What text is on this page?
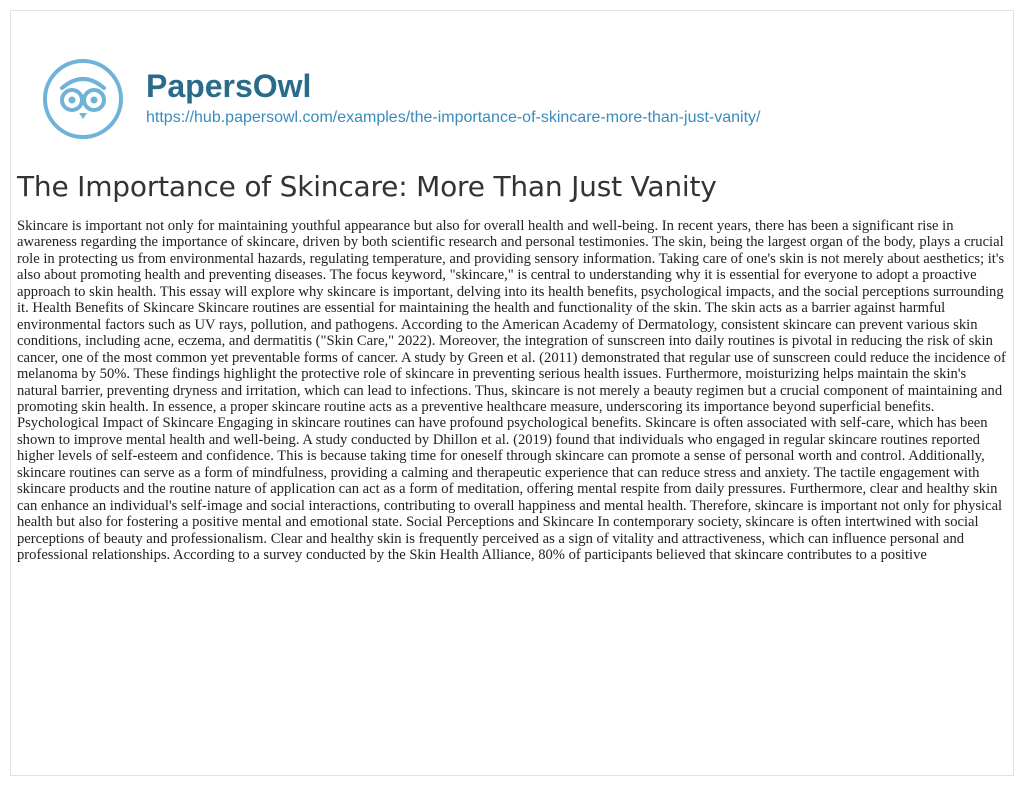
PapersOwl
https://hub.papersowl.com/examples/the-importance-of-skincare-more-than-just-vanity/
The Importance of Skincare: More Than Just Vanity

Skincare is important not only for maintaining youthful appearance but also for overall health and well-being. In recent years, there has been a significant rise in awareness regarding the importance of skincare, driven by both scientific research and personal testimonies. The skin, being the largest organ of the body, plays a crucial role in protecting us from environmental hazards, regulating temperature, and providing sensory information. Taking care of one's skin is not merely about aesthetics; it's also about promoting health and preventing diseases. The focus keyword, "skincare," is central to understanding why it is essential for everyone to adopt a proactive approach to skin health. This essay will explore why skincare is important, delving into its health benefits, psychological impacts, and the social perceptions surrounding it. Health Benefits of Skincare Skincare routines are essential for maintaining the health and functionality of the skin. The skin acts as a barrier against harmful environmental factors such as UV rays, pollution, and pathogens. According to the American Academy of Dermatology, consistent skincare can prevent various skin conditions, including acne, eczema, and dermatitis ("Skin Care," 2022). Moreover, the integration of sunscreen into daily routines is pivotal in reducing the risk of skin cancer, one of the most common yet preventable forms of cancer. A study by Green et al. (2011) demonstrated that regular use of sunscreen could reduce the incidence of melanoma by 50%. These findings highlight the protective role of skincare in preventing serious health issues. Furthermore, moisturizing helps maintain the skin's natural barrier, preventing dryness and irritation, which can lead to infections. Thus, skincare is not merely a beauty regimen but a crucial component of maintaining and promoting skin health. In essence, a proper skincare routine acts as a preventive healthcare measure, underscoring its importance beyond superficial benefits. Psychological Impact of Skincare Engaging in skincare routines can have profound psychological benefits. Skincare is often associated with self-care, which has been shown to improve mental health and well-being. A study conducted by Dhillon et al. (2019) found that individuals who engaged in regular skincare routines reported higher levels of self-esteem and confidence. This is because taking time for oneself through skincare can promote a sense of personal worth and control. Additionally, skincare routines can serve as a form of mindfulness, providing a calming and therapeutic experience that can reduce stress and anxiety. The tactile engagement with skincare products and the routine nature of application can act as a form of meditation, offering mental respite from daily pressures. Furthermore, clear and healthy skin can enhance an individual's self-image and social interactions, contributing to overall happiness and mental health. Therefore, skincare is important not only for physical health but also for fostering a positive mental and emotional state. Social Perceptions and Skincare In contemporary society, skincare is often intertwined with social perceptions of beauty and professionalism. Clear and healthy skin is frequently perceived as a sign of vitality and attractiveness, which can influence personal and professional relationships. According to a survey conducted by the Skin Health Alliance, 80% of participants believed that skincare contributes to a positive
